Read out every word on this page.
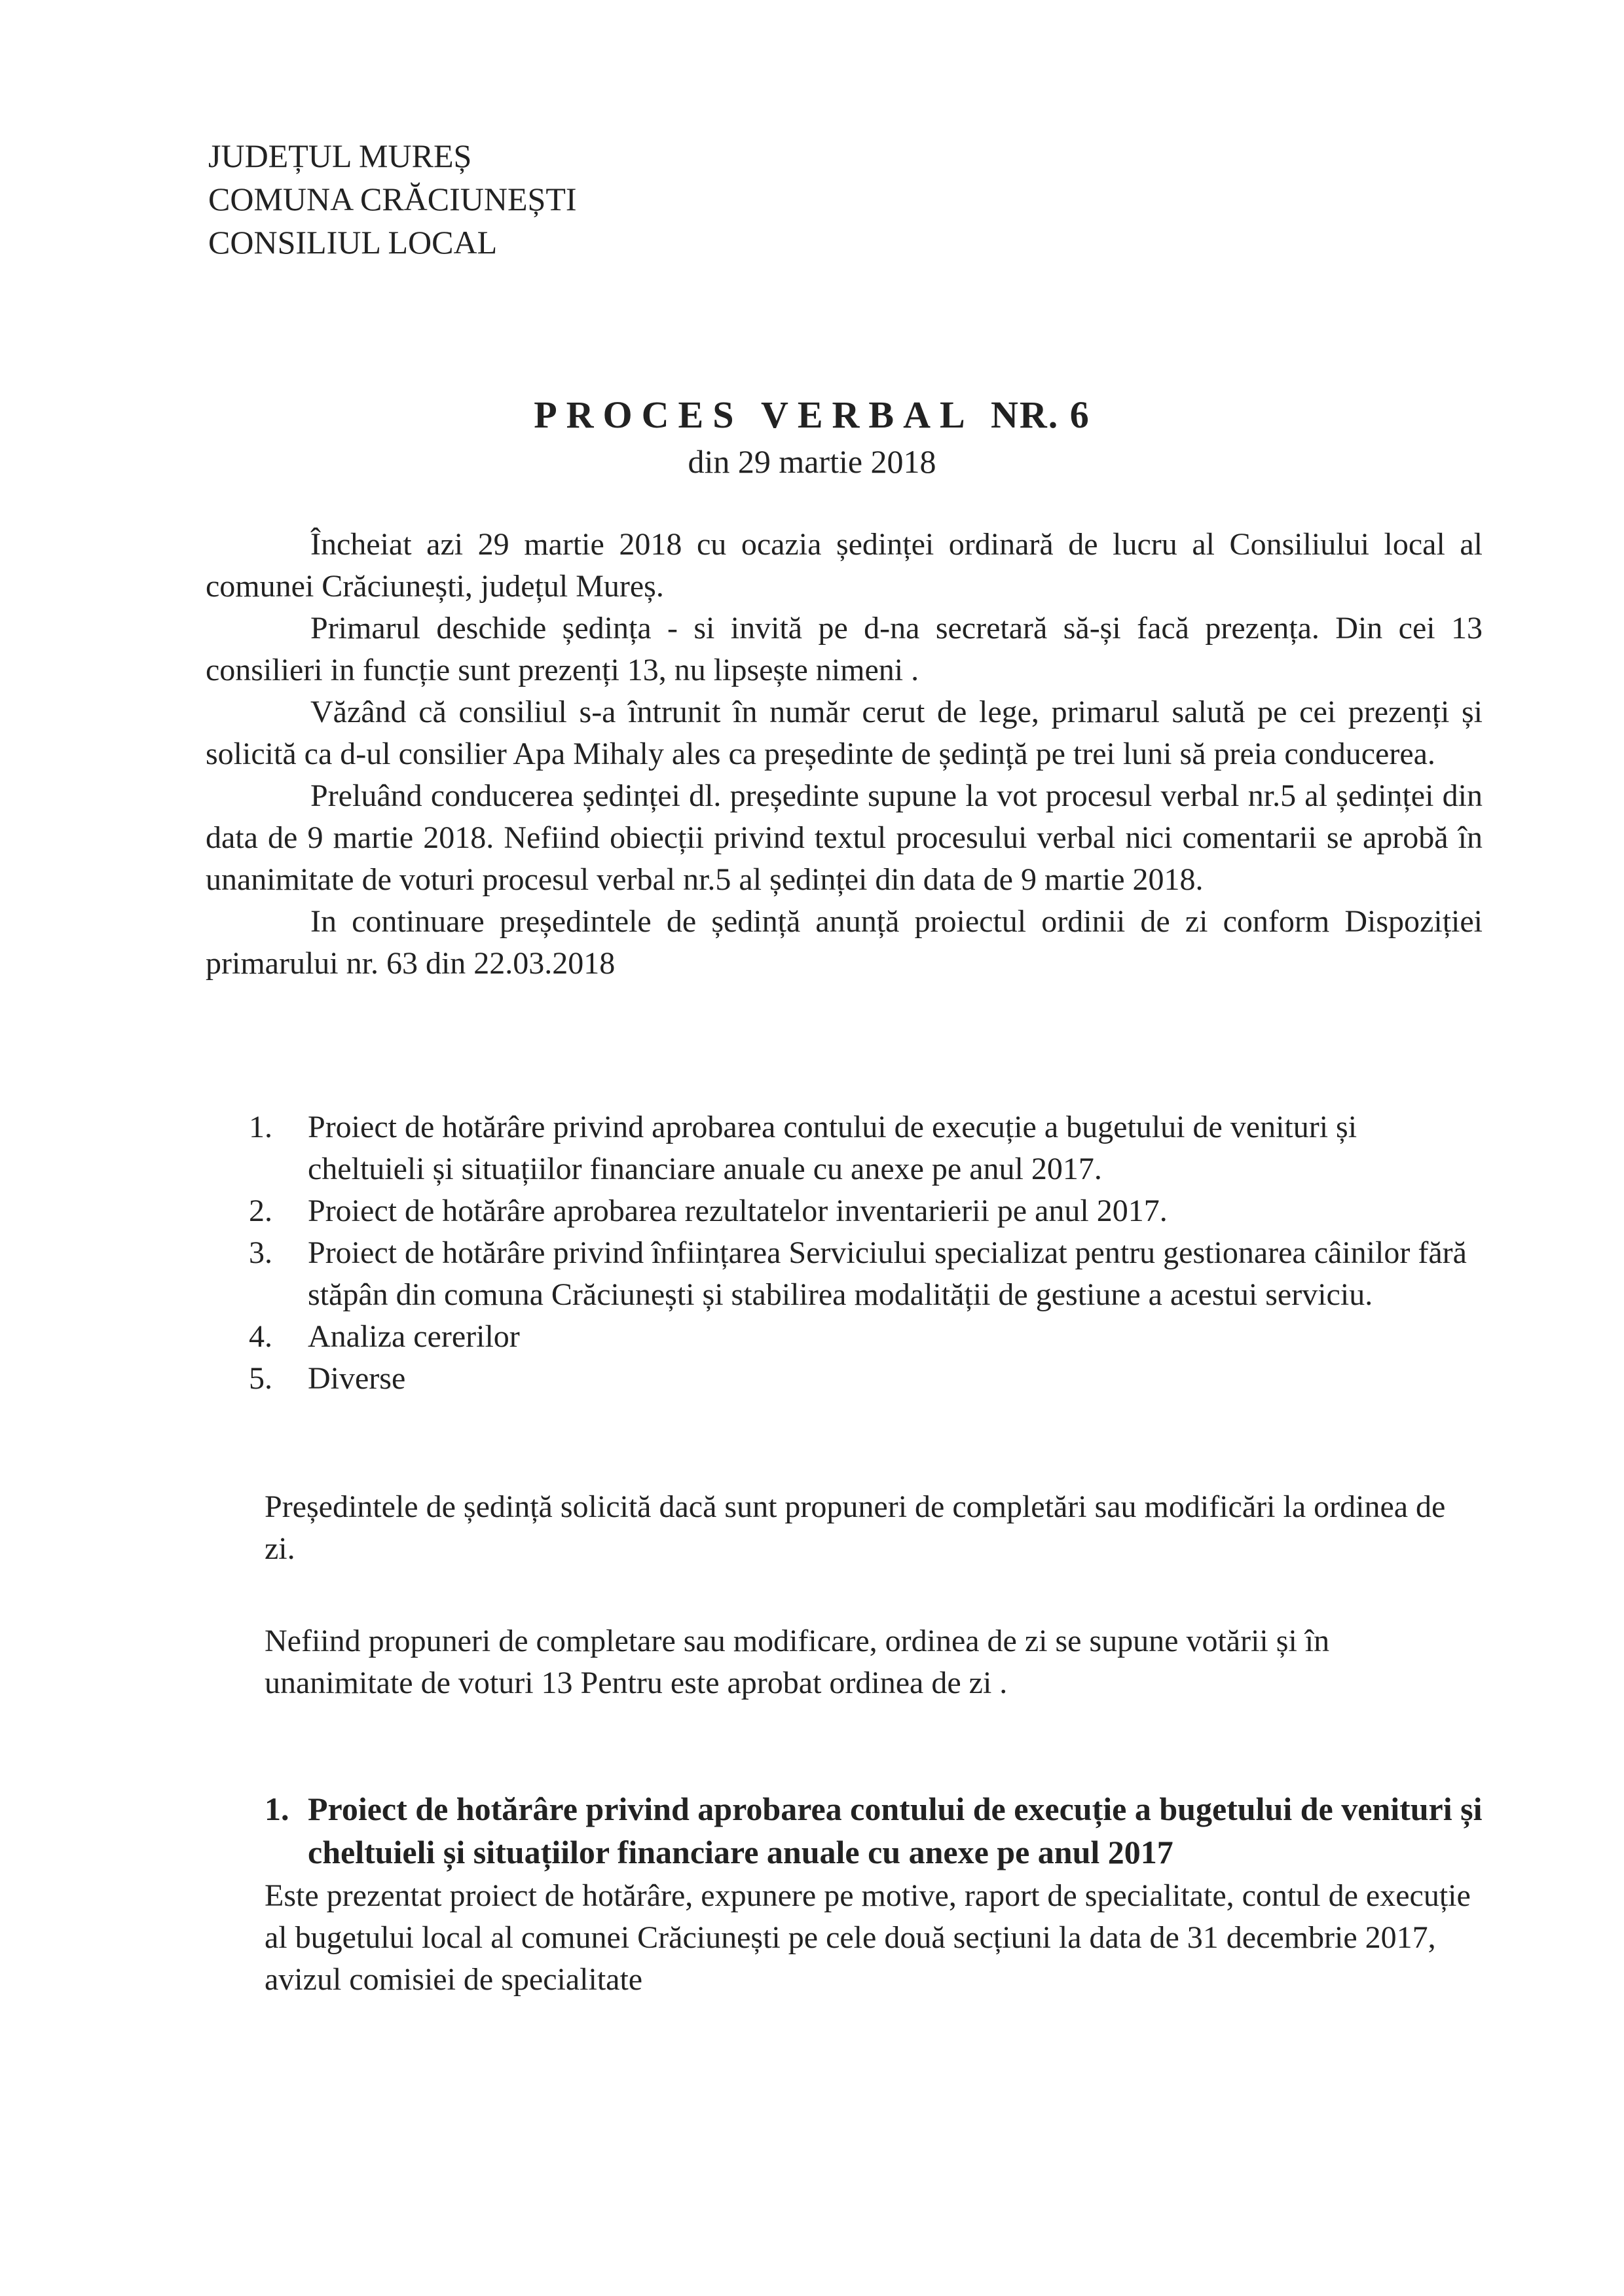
JUDEȚUL MUREȘ
COMUNA CRĂCIUNEȘTI
CONSILIUL LOCAL
PROCES VERBAL NR. 6
din 29 martie 2018

Încheiat azi 29 martie 2018 cu ocazia ședinței ordinară de lucru al Consiliului local al comunei Crăciunești, județul Mureș.

Primarul deschide ședința - si invită pe d-na secretară să-și facă prezența. Din cei 13 consilieri in funcție sunt prezenți 13, nu lipsește nimeni .

Văzând că consiliul s-a întrunit în număr cerut de lege, primarul salută pe cei prezenți și solicită ca d-ul consilier Apa Mihaly ales ca președinte de ședință pe trei luni să preia conducerea.

Preluând conducerea ședinței dl. președinte supune la vot procesul verbal nr.5 al ședinței din data de 9 martie 2018. Nefiind obiecții privind textul procesului verbal nici comentarii se aprobă în unanimitate de voturi procesul verbal nr.5 al ședinței din data de 9 martie 2018.

In continuare președintele de ședință anunță proiectul ordinii de zi conform Dispoziției primarului nr. 63 din 22.03.2018

1. Proiect de hotărâre privind aprobarea contului de execuție a bugetului de venituri și cheltuieli și situațiilor financiare anuale cu anexe pe anul 2017.
2. Proiect de hotărâre aprobarea rezultatelor inventarierii pe anul 2017.
3. Proiect de hotărâre privind înființarea Serviciului specializat pentru gestionarea câinilor fără stăpân din comuna Crăciunești și stabilirea modalității de gestiune a acestui serviciu.
4. Analiza cererilor
5. Diverse
Președintele de ședință solicită dacă sunt propuneri de completări sau modificări la ordinea de zi.
Nefiind propuneri de completare sau modificare, ordinea de zi se supune votării și în unanimitate de voturi 13 Pentru este aprobat ordinea de zi .
1. Proiect de hotărâre privind aprobarea contului de execuție a bugetului de venituri și cheltuieli și situațiilor financiare anuale cu anexe pe anul 2017
Este prezentat proiect de hotărâre, expunere pe motive, raport de specialitate, contul de execuție al bugetului local al comunei Crăciunești pe cele două secțiuni la data de 31 decembrie 2017, avizul comisiei de specialitate
